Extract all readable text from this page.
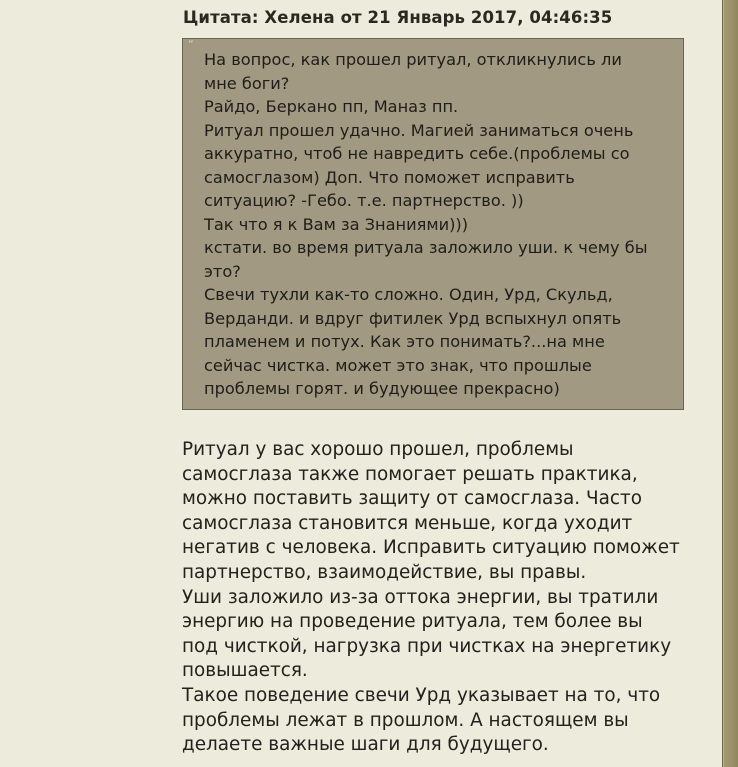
Цитата: Хелена от 21 Январь 2017, 04:46:35
“
На вопрос, как прошел ритуал, откликнулись ли
мне боги?
Райдо, Беркано пп, Маназ пп.
Ритуал прошел удачно. Магией заниматься очень
аккуратно, чтоб не навредить себе.(проблемы со
самосглазом) Доп. Что поможет исправить
ситуацию? -Гебо. т.е. партнерство. ))
Так что я к Вам за Знаниями)))
кстати. во время ритуала заложило уши. к чему бы
это?
Свечи тухли как-то сложно. Один, Урд, Скульд,
Верданди. и вдруг фитилек Урд вспыхнул опять
пламенем и потух. Как это понимать?...на мне
сейчас чистка. может это знак, что прошлые
проблемы горят. и будующее прекрасно)
Ритуал у вас хорошо прошел, проблемы
самосглаза также помогает решать практика,
можно поставить защиту от самосглаза. Часто
самосглаза становится меньше, когда уходит
негатив с человека. Исправить ситуацию поможет
партнерство, взаимодействие, вы правы.
Уши заложило из-за оттока энергии, вы тратили
энергию на проведение ритуала, тем более вы
под чисткой, нагрузка при чистках на энергетику
повышается.
Такое поведение свечи Урд указывает на то, что
проблемы лежат в прошлом. А настоящем вы
делаете важные шаги для будущего.
